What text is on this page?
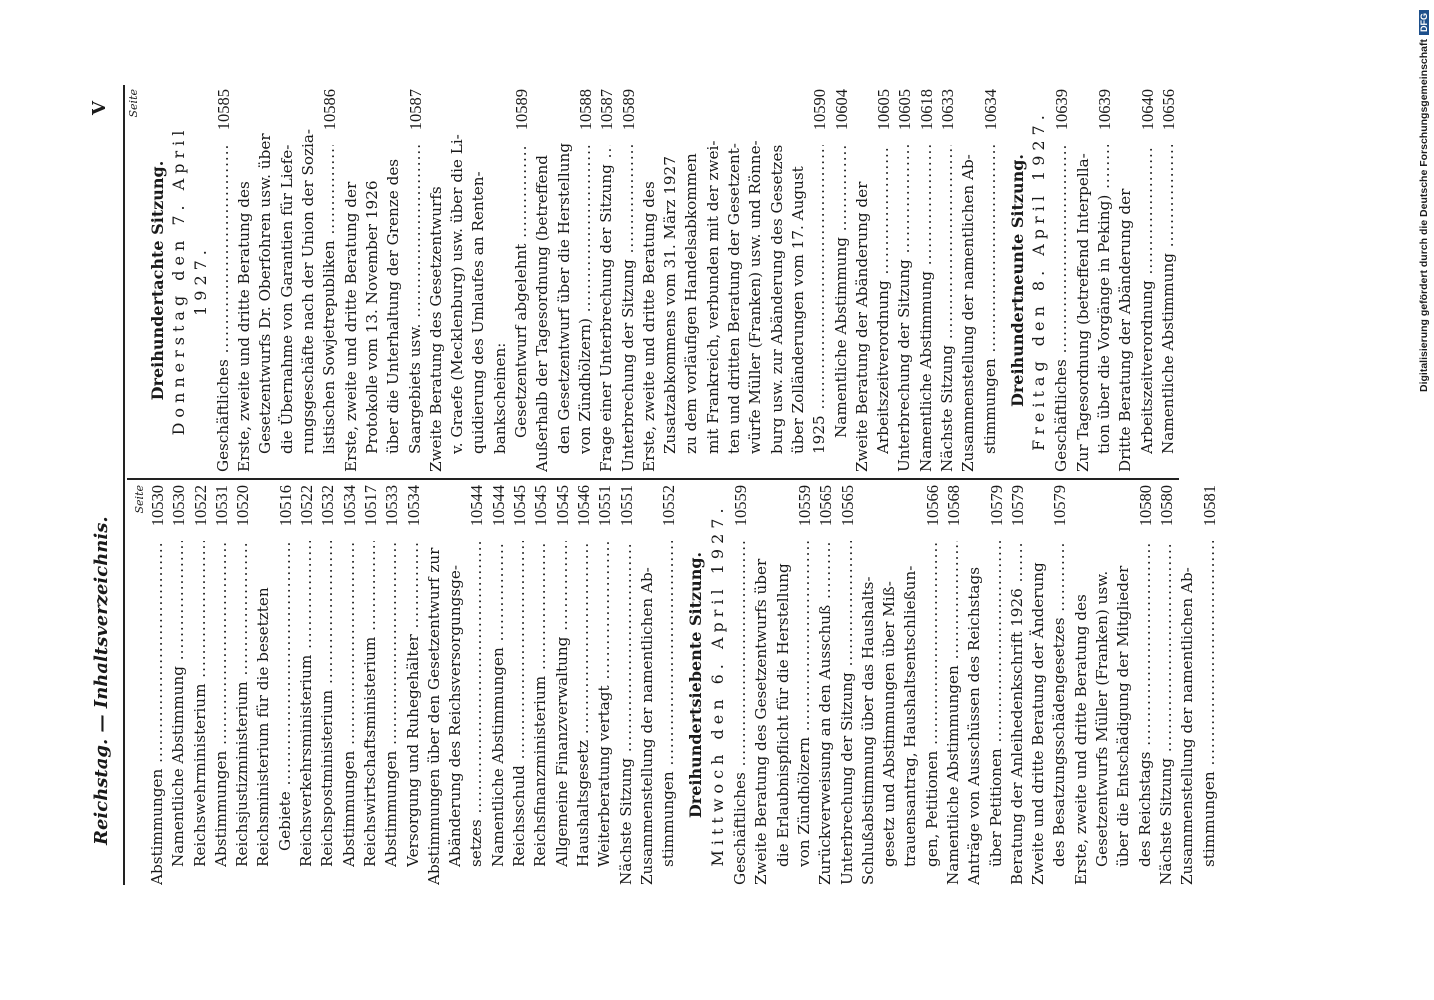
Reichstag. — Inhaltsverzeichnis.
V
Seite
Abstimmungen .....
10530
Namentliche Abstimmung .....
10530
Reichswehrministerium .....
10522
Abstimmungen .....
10531
Reichsjustizministerium .....
10520
Reichsministerium für die besetzten Gebiete .....
10516
Reichsverkehrsministerium .....
10522
Reichspostministerium .....
10532
Abstimmungen .....
10534
Reichswirtschaftsministerium .....
10517
Abstimmungen .....
10533
Versorgung und Ruhegehälter .....
10534
Abstimmungen über den Gesetzentwurf zur Abänderung des Reichsversorgungsge- setzes .....
10544
Namentliche Abstimmungen .....
10544
Reichsschuld .....
10545
Reichsfinanzministerium .....
10545
Allgemeine Finanzverwaltung .....
10545
Haushaltsgesetz .....
10546
Weiterberatung vertagt .....
10551
Nächste Sitzung .....
10551
Zusammenstellung der namentlichen Ab- stimmungen .....
10552
Dreihundertsiebente Sitzung. Mittwoch den 6. April 1927. Geschäftliches .....
10559
Zweite Beratung des Gesetzentwurfs über die Erlaubnispflicht für die Herstellung von Zündhölzern .....
10559
Zurückverweisung an den Ausschuß .....
10565
Unterbrechung der Sitzung .....
10565
Schlußabstimmung über das Haushalts- gesetz und Abstimmungen über Miß- trauensantrag, Haushaltsentschließun- gen, Petitionen .....
10566
Namentliche Abstimmungen .....
10568
Anträge von Ausschüssen des Reichstags über Petitionen .....
10579
Beratung der Anleihedenkschrift 1926 .....
10579
Zweite und dritte Beratung der Änderung des Besatzungsschädengesetzes .....
10579
Erste, zweite und dritte Beratung des Gesetzentwurfs Müller (Franken) usw. über die Entschädigung der Mitglieder des Reichstags .....
10580
Nächste Sitzung .....
10580
Zusammenstellung der namentlichen Ab- stimmungen .....
10581
Seite
Dreihundertachte Sitzung. Donnerstag den 7. April 1927.
Geschäftliches .....
10585
Erste, zweite und dritte Beratung des Gesetzentwurfs Dr. Oberfohren usw. über die Übernahme von Garantien für Liefe- rungsgeschäfte nach der Union der Sozia- listischen Sowjetrepubliken .....
10586
Erste, zweite und dritte Beratung der Protokolle vom 13. November 1926 über die Unterhaltung der Grenze des Saargebiets usw. .....
10587
Zweite Beratung des Gesetzentwurfs v. Graefe (Mecklenburg) usw. über die Li- quidierung des Umlaufes an Renten- bankscheinen: Gesetzentwurf abgelehnt .....
10589
Außerhalb der Tagesordnung (betreffend den Gesetzentwurf über die Herstellung von Zündhölzern) .....
10588
Frage einer Unterbrechung der Sitzung .....
10587
Unterbrechung der Sitzung .....
10589
Erste, zweite und dritte Beratung des Zusatzabkommens vom 31. März 1927 zu dem vorläufigen Handelsabkommen mit Frankreich, verbunden mit der zwei- ten und dritten Beratung der Gesetzent- würfe Müller (Franken) usw. und Rönne- burg usw. zur Abänderung des Gesetzes über Zolländerungen vom 17. August 1925 .....
10590
Namentliche Abstimmung .....
10604
Zweite Beratung der Abänderung der Arbeitszeitverordnung .....
10605
Unterbrechung der Sitzung .....
10605
Namentliche Abstimmung .....
10618
Nächste Sitzung .....
10633
Zusammenstellung der namentlichen Ab- stimmungen .....
10634
Dreihundertneunte Sitzung. Freitag den 8. April 1927. Geschäftliches .....
10639
Zur Tagesordnung (betreffend Interpella- tion über die Vorgänge in Peking) .....
10639
Dritte Beratung der Abänderung der Arbeitszeitverordnung .....
10640
Namentliche Abstimmung .....
10656	Digitalisierung gefördert durch die Deutsche ForschungsgemeinschaftDFG
